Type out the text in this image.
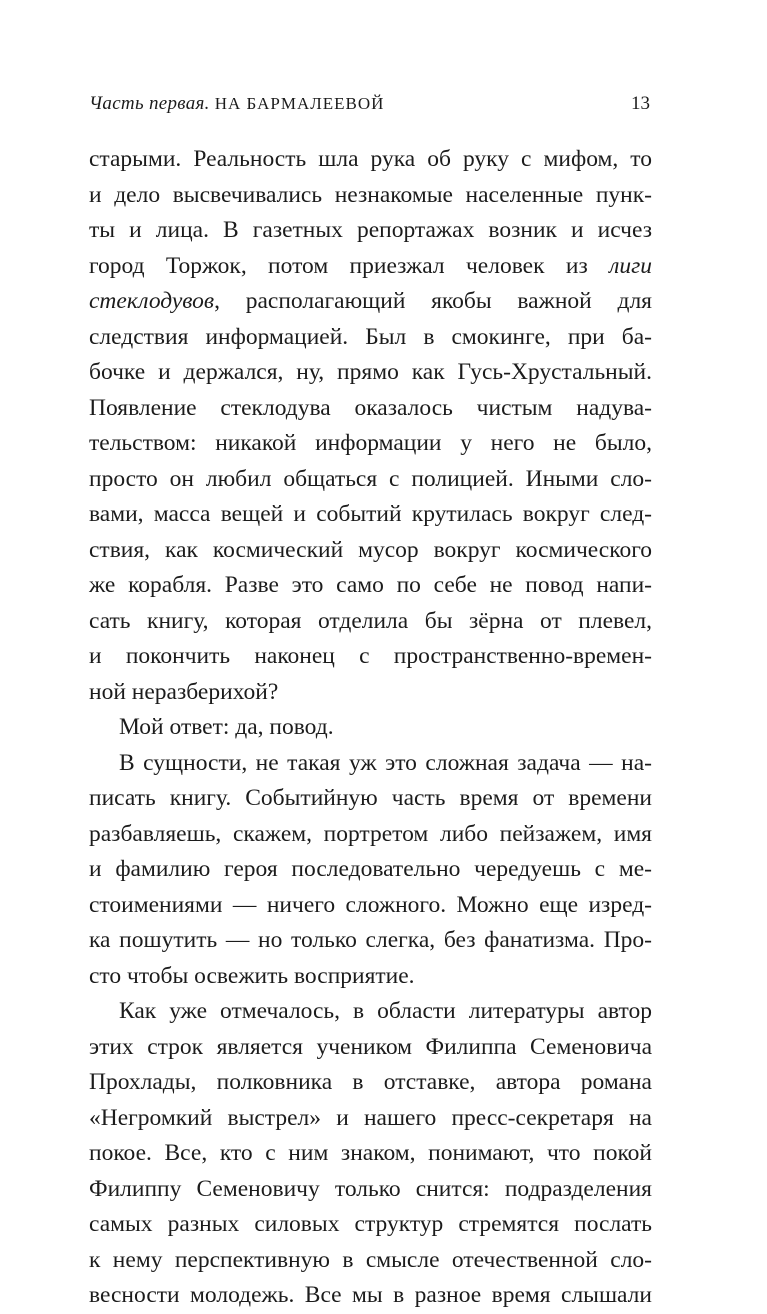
Часть первая. НА БАРМАЛЕЕВОЙ	13
старыми. Реальность шла рука об руку с мифом, то
и дело высвечивались незнакомые населенные пунк-
ты и лица. В газетных репортажах возник и исчез
город Торжок, потом приезжал человек из лиги
стеклодувов, располагающий якобы важной для
следствия информацией. Был в смокинге, при ба-
бочке и держался, ну, прямо как Гусь-Хрустальный.
Появление стеклодува оказалось чистым надува-
тельством: никакой информации у него не было,
просто он любил общаться с полицией. Иными сло-
вами, масса вещей и событий крутилась вокруг след-
ствия, как космический мусор вокруг космического
же корабля. Разве это само по себе не повод напи-
сать книгу, которая отделила бы зёрна от плевел,
и покончить наконец с пространственно-времен-
ной неразберихой?
Мой ответ: да, повод.
В сущности, не такая уж это сложная задача — на-
писать книгу. Событийную часть время от времени
разбавляешь, скажем, портретом либо пейзажем, имя
и фамилию героя последовательно чередуешь с ме-
стоимениями — ничего сложного. Можно еще изред-
ка пошутить — но только слегка, без фанатизма. Про-
сто чтобы освежить восприятие.
Как уже отмечалось, в области литературы автор
этих строк является учеником Филиппа Семеновича
Прохлады, полковника в отставке, автора романа
«Негромкий выстрел» и нашего пресс-секретаря на
покое. Все, кто с ним знаком, понимают, что покой
Филиппу Семеновичу только снится: подразделения
самых разных силовых структур стремятся послать
к нему перспективную в смысле отечественной сло-
весности молодежь. Все мы в разное время слышали
